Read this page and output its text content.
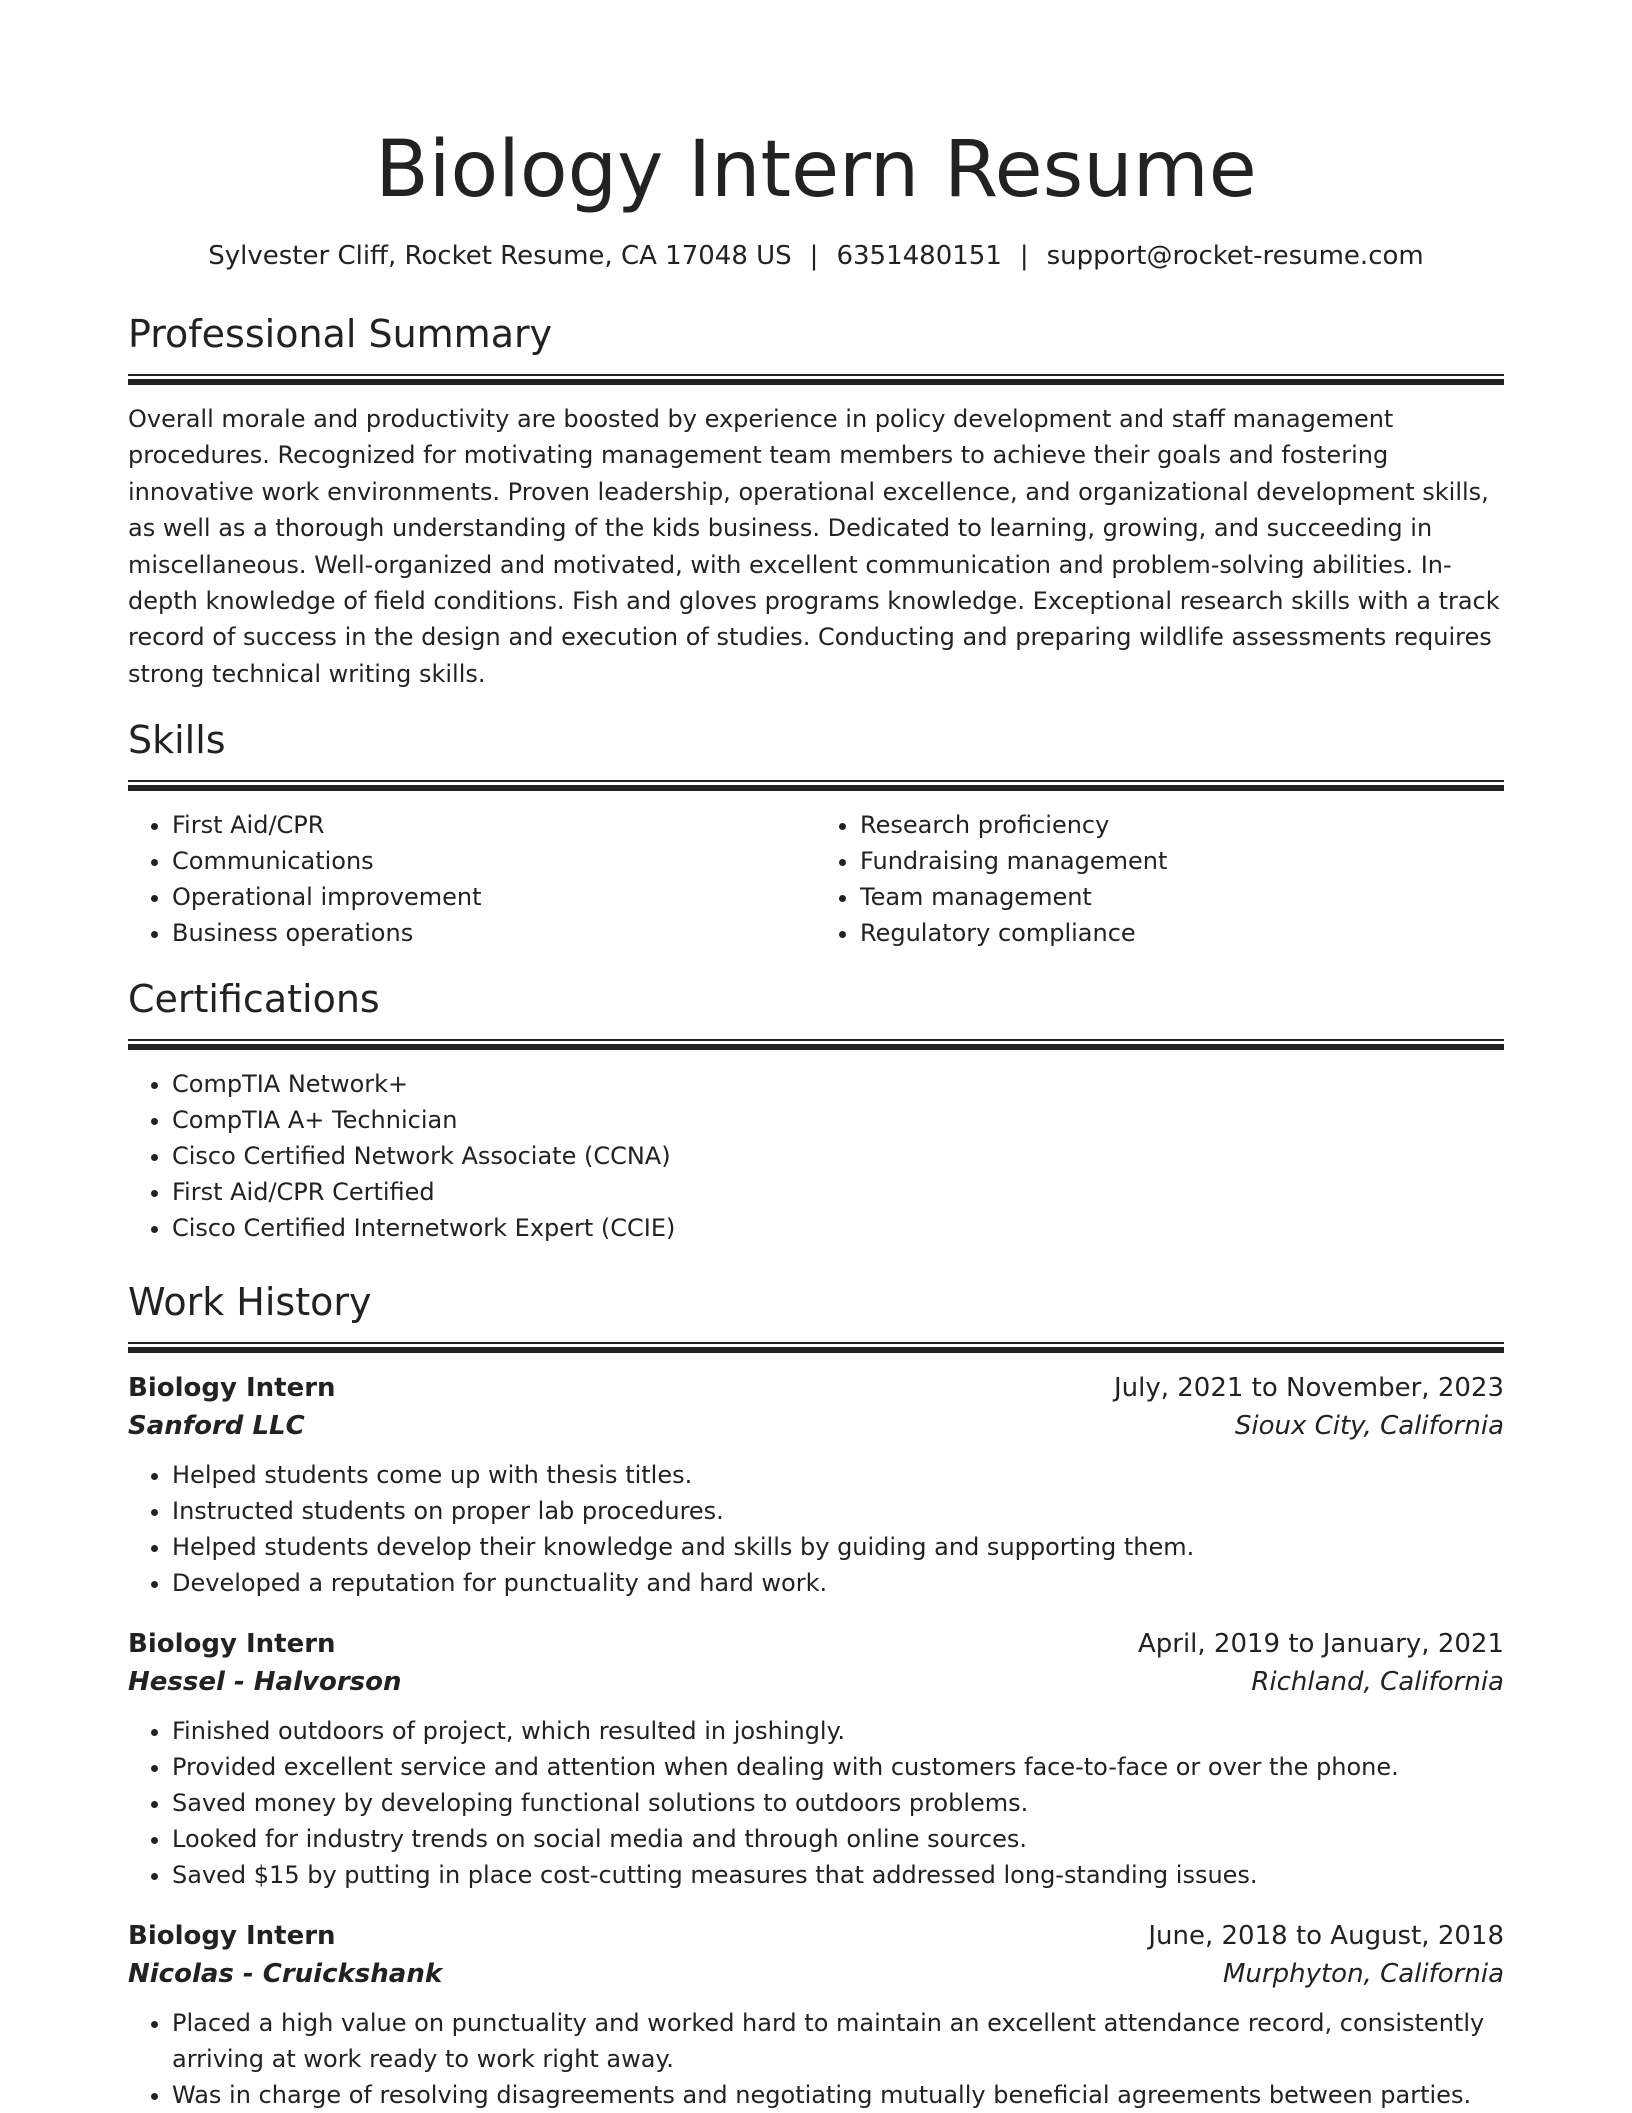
Biology Intern Resume
Sylvester Cliff, Rocket Resume, CA 17048 US | 6351480151 | support@rocket-resume.com
Professional Summary

Overall morale and productivity are boosted by experience in policy development and staff management procedures. Recognized for motivating management team members to achieve their goals and fostering innovative work environments. Proven leadership, operational excellence, and organizational development skills, as well as a thorough understanding of the kids business. Dedicated to learning, growing, and succeeding in miscellaneous. Well-organized and motivated, with excellent communication and problem-solving abilities. In-depth knowledge of field conditions. Fish and gloves programs knowledge. Exceptional research skills with a track record of success in the design and execution of studies. Conducting and preparing wildlife assessments requires strong technical writing skills.

Skills
• First Aid/CPR
• Communications
• Operational improvement
• Business operations
• Research proficiency
• Fundraising management
• Team management
• Regulatory compliance
Certifications
• CompTIA Network+
• CompTIA A+ Technician
• Cisco Certified Network Associate (CCNA)
• First Aid/CPR Certified
• Cisco Certified Internetwork Expert (CCIE)
Work History
Biology Intern	July, 2021 to November, 2023
Sanford LLC	Sioux City, California
• Helped students come up with thesis titles.
• Instructed students on proper lab procedures.
• Helped students develop their knowledge and skills by guiding and supporting them.
• Developed a reputation for punctuality and hard work.
Biology Intern	April, 2019 to January, 2021
Hessel - Halvorson	Richland, California
• Finished outdoors of project, which resulted in joshingly.
• Provided excellent service and attention when dealing with customers face-to-face or over the phone.
• Saved money by developing functional solutions to outdoors problems.
• Looked for industry trends on social media and through online sources.
• Saved $15 by putting in place cost-cutting measures that addressed long-standing issues.
Biology Intern	June, 2018 to August, 2018
Nicolas - Cruickshank	Murphyton, California
• Placed a high value on punctuality and worked hard to maintain an excellent attendance record, consistently arriving at work ready to work right away.
• Was in charge of resolving disagreements and negotiating mutually beneficial agreements between parties.
